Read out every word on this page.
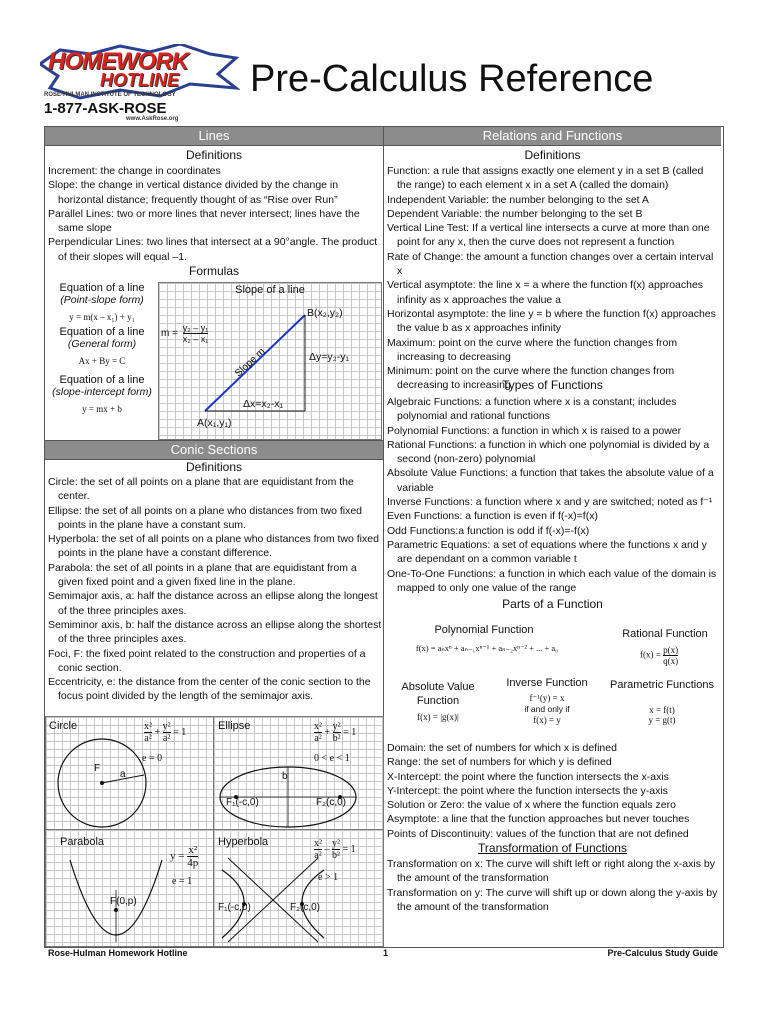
HOMEWORK
HOTLINE
ROSE-HULMAN INSTITUTE OF TECHNOLOGY
1-877-ASK-ROSE
www.AskRose.org
Pre-Calculus Reference
Lines
Definitions

Increment: the change in coordinates

Slope: the change in vertical distance divided by the change in horizontal distance; frequently thought of as “Rise over Run”

Parallel Lines: two or more lines that never intersect; lines have the same slope

Perpendicular Lines: two lines that intersect at a 90°angle. The product of their slopes will equal –1.

Formulas
Equation of a line
(Point-slope form)
y = m(x – x₁) + y₁
Equation of a line
(General form)
Ax + By = C
Equation of a line
(slope-intercept form)
y = mx + b
Slope of a line
Slope m
$m = \frac{\text{y₂ – y₁}}{\text{x₂ – x₁}}$
B(x₂,y₂)
Δy=y₂-y₁
Δx=x₂-x₁
A(x₁,y₁)
Conic Sections
Definitions

Circle: the set of all points on a plane that are equidistant from the center.

Ellipse: the set of all points on a plane who distances from two fixed points in the plane have a constant sum.

Hyperbola: the set of all points on a plane who distances from two fixed points in the plane have a constant difference.

Parabola: the set of all points in a plane that are equidistant from a given fixed point and a given fixed line in the plane.

Semimajor axis, a: half the distance across an ellipse along the longest of the three principles axes.

Semiminor axis, b: half the distance across an ellipse along the shortest of the three principles axes.

Foci, F: the fixed point related to the construction and properties of a conic section.

Eccentricity, e: the distance from the center of the conic section to the focus point divided by the length of the semimajor axis.

Circle
F
a
$\frac{\text{x²}}{\text{a²}} + \frac{\text{y²}}{\text{a²}} = 1$
e = 0
Ellipse
b
F₁(-c,0)	F₂(c,0)
$\frac{\text{x²}}{\text{a²}} + \frac{\text{y²}}{\text{b²}} = 1$
0 < e < 1
Parabola
F(0,p)
$y = \frac{\text{x²}}{4p}$
e = 1
Hyperbola
F₁(-c,0)	F₂(c,0)
$\frac{\text{x²}}{\text{a²}} - \frac{\text{y²}}{\text{b²}} = 1$
e > 1
Relations and Functions
Definitions

Function: a rule that assigns exactly one element y in a set B (called the range) to each element x in a set A (called the domain)

Independent Variable: the number belonging to the set A

Dependent Variable: the number belonging to the set B

Vertical Line Test: If a vertical line intersects a curve at more than one point for any x, then the curve does not represent a function

Rate of Change: the amount a function changes over a certain interval x

Vertical asymptote: the line x = a where the function f(x) approaches infinity as x approaches the value a

Horizontal asymptote: the line y = b where the function f(x) approaches the value b as x approaches infinity

Maximum: point on the curve where the function changes from increasing to decreasing

Minimum: point on the curve where the function changes from decreasing to increasing

Types of Functions

Algebraic Functions: a function where x is a constant; includes polynomial and rational functions

Polynomial Functions: a function in which x is raised to a power

Rational Functions: a function in which one polynomial is divided by a second (non-zero) polynomial

Absolute Value Functions: a function that takes the absolute value of a variable

Inverse Functions: a function where x and y are switched; noted as f⁻¹

Even Functions: a function is even if f(-x)=f(x)

Odd Functions:a function is odd if f(-x)=-f(x)

Parametric Equations: a set of equations where the functions x and y are dependant on a common variable t

One-To-One Functions: a function in which each value of the domain is mapped to only one value of the range

Parts of a Function
Polynomial Function
f(x) = aₙxⁿ + aₙ₋₁xⁿ⁻¹ + aₙ₋₂xⁿ⁻² + ... + a₀
Rational Function
$f(x) = \frac{p(x)}{q(x)}$
Absolute Value
Function
f(x) = |g(x)|
Inverse Function
f⁻¹(y) = x
if and only if
f(x) = y
Parametric Functions
x = f(t)
y = g(t)

Domain: the set of numbers for which x is defined

Range: the set of numbers for which y is defined

X-Intercept: the point where the function intersects the x-axis

Y-Intercept: the point where the function intersects the y-axis

Solution or Zero: the value of x where the function equals zero

Asymptote: a line that the function approaches but never touches

Points of Discontinuity: values of the function that are not defined

Transformation of Functions

Transformation on x: The curve will shift left or right along the x-axis by the amount of the transformation

Transformation on y: The curve will shift up or down along the y-axis by the amount of the transformation

Rose-Hulman Homework Hotline	1	Pre-Calculus Study Guide
